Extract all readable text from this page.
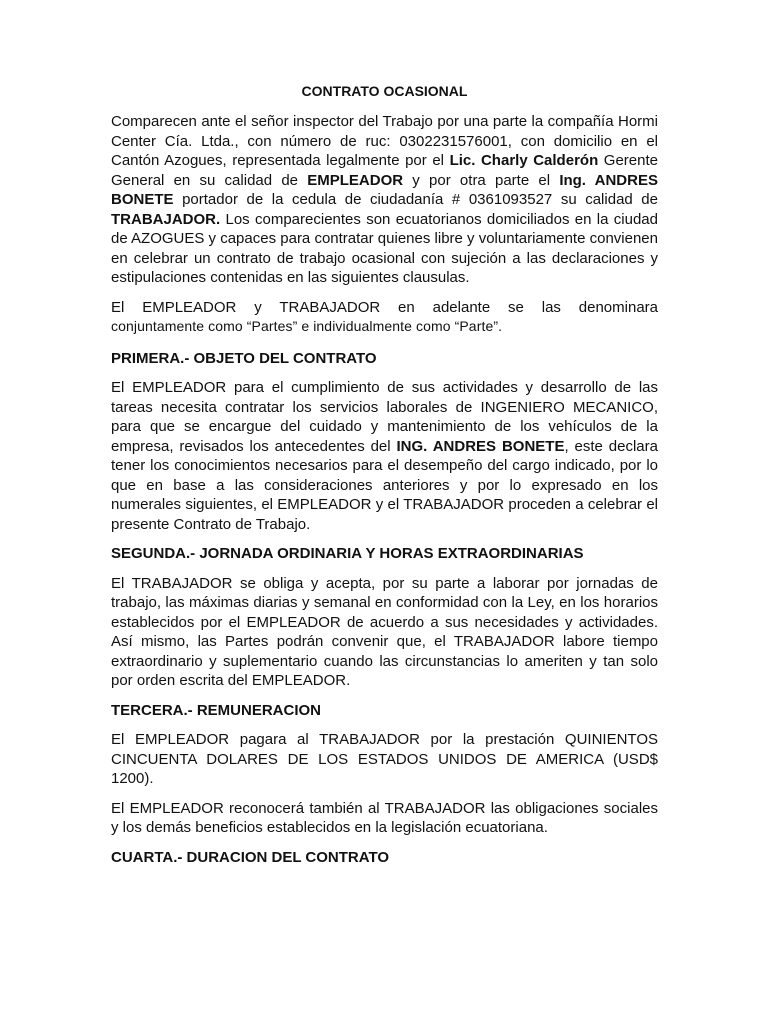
CONTRATO OCASIONAL

Comparecen ante el señor inspector del Trabajo por una parte la compañía Hormi Center Cía. Ltda., con número de ruc: 0302231576001, con domicilio en el Cantón Azogues, representada legalmente por el Lic. Charly Calderón Gerente General en su calidad de EMPLEADOR y por otra parte el Ing. ANDRES BONETE portador de la cedula de ciudadanía # 0361093527 su calidad de TRABAJADOR. Los comparecientes son ecuatorianos domiciliados en la ciudad de AZOGUES y capaces para contratar quienes libre y voluntariamente convienen en celebrar un contrato de trabajo ocasional con sujeción a las declaraciones y estipulaciones contenidas en las siguientes clausulas.

El EMPLEADOR y TRABAJADOR en adelante se las denominara
conjuntamente como “Partes” e individualmente como “Parte”.

PRIMERA.- OBJETO DEL CONTRATO

El EMPLEADOR para el cumplimiento de sus actividades y desarrollo de las tareas necesita contratar los servicios laborales de INGENIERO MECANICO, para que se encargue del cuidado y mantenimiento de los vehículos de la empresa, revisados los antecedentes del ING. ANDRES BONETE, este declara tener los conocimientos necesarios para el desempeño del cargo indicado, por lo que en base a las consideraciones anteriores y por lo expresado en los numerales siguientes, el EMPLEADOR y el TRABAJADOR proceden a celebrar el presente Contrato de Trabajo.

SEGUNDA.- JORNADA ORDINARIA Y HORAS EXTRAORDINARIAS

El TRABAJADOR se obliga y acepta, por su parte a laborar por jornadas de trabajo, las máximas diarias y semanal en conformidad con la Ley, en los horarios establecidos por el EMPLEADOR de acuerdo a sus necesidades y actividades. Así mismo, las Partes podrán convenir que, el TRABAJADOR labore tiempo extraordinario y suplementario cuando las circunstancias lo ameriten y tan solo por orden escrita del EMPLEADOR.

TERCERA.- REMUNERACION

El EMPLEADOR pagara al TRABAJADOR por la prestación QUINIENTOS CINCUENTA DOLARES DE LOS ESTADOS UNIDOS DE AMERICA (USD$ 1200).

El EMPLEADOR reconocerá también al TRABAJADOR las obligaciones sociales y los demás beneficios establecidos en la legislación ecuatoriana.

CUARTA.- DURACION DEL CONTRATO
